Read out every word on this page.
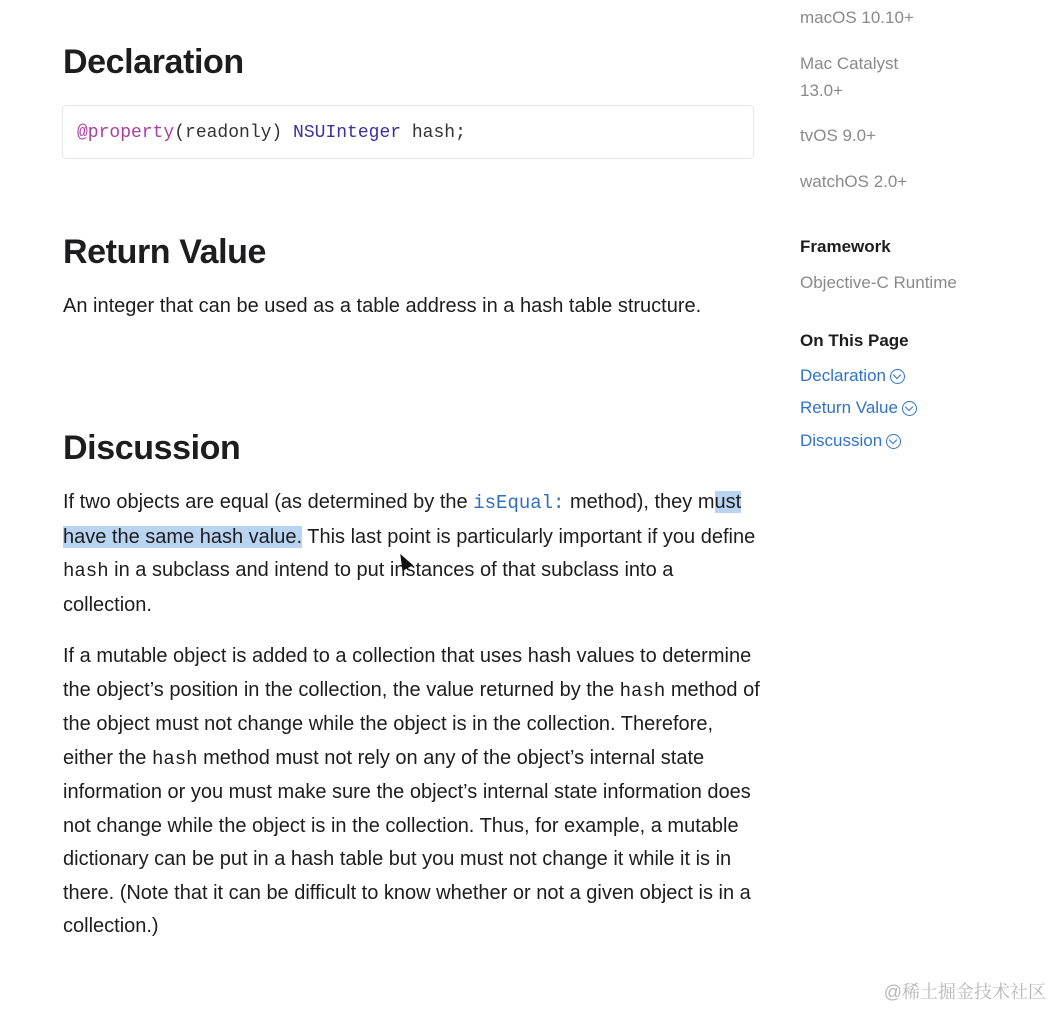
Declaration
@property(readonly) NSUInteger hash;
Return Value

An integer that can be used as a table address in a hash table structure.

Discussion

If two objects are equal (as determined by the isEqual: method), they must have the same hash value. This last point is particularly important if you define hash in a subclass and intend to put instances of that subclass into a collection.

If a mutable object is added to a collection that uses hash values to determine the object’s position in the collection, the value returned by the hash method of the object must not change while the object is in the collection. Therefore, either the hash method must not rely on any of the object’s internal state information or you must make sure the object’s internal state information does not change while the object is in the collection. Thus, for example, a mutable dictionary can be put in a hash table but you must not change it while it is in there. (Note that it can be difficult to know whether or not a given object is in a collection.)

macOS 10.10+
Mac Catalyst
13.0+
tvOS 9.0+
watchOS 2.0+
Framework
Objective-C Runtime
On This Page
Declaration
Return Value
Discussion
@稀土掘金技术社区
